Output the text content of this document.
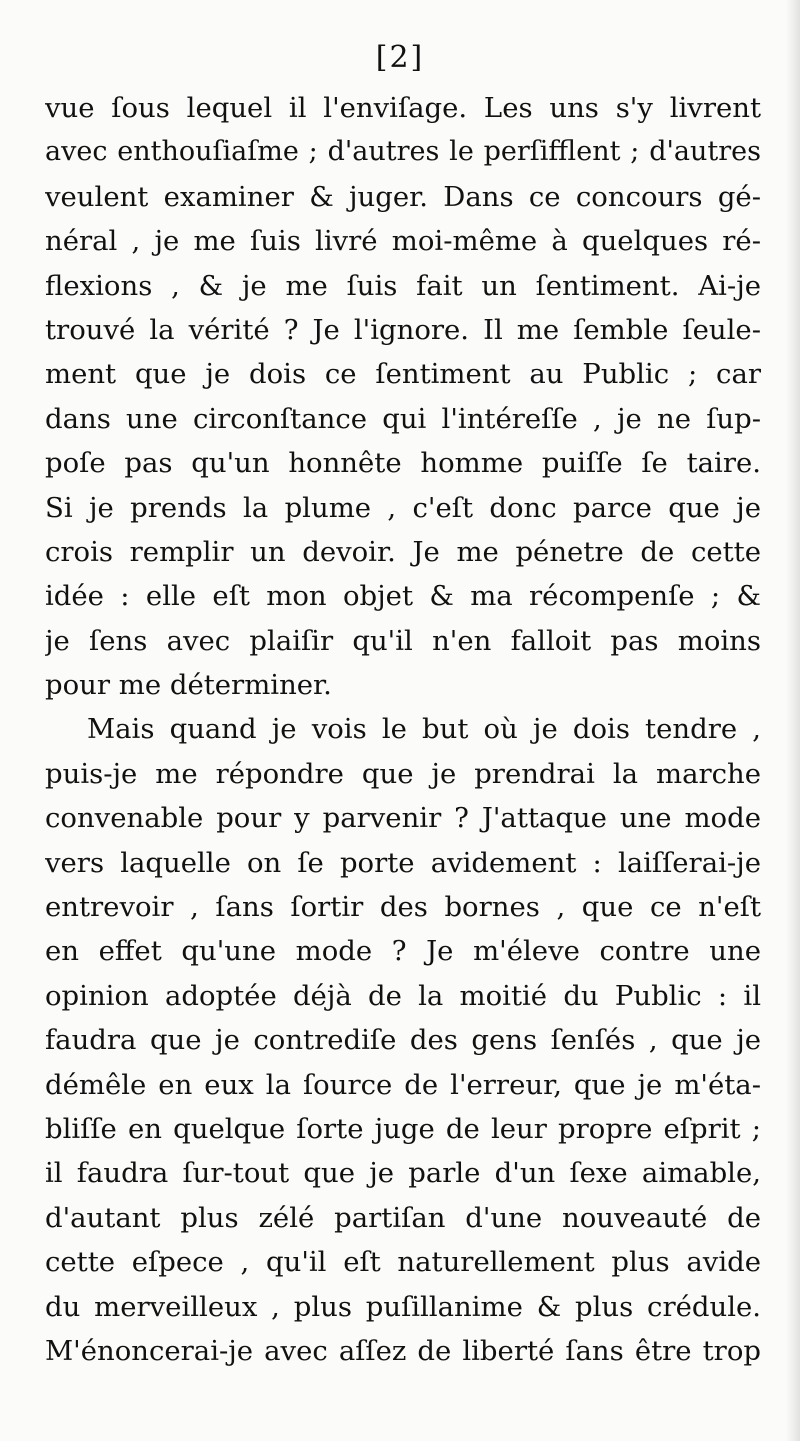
[2]
vue ſous lequel il l'enviſage. Les uns s'y livrent
avec enthouſiaſme ; d'autres le perſifflent ; d'autres
veulent examiner & juger. Dans ce concours gé-
néral , je me ſuis livré moi-même à quelques ré-
flexions , & je me ſuis fait un ſentiment. Ai-je
trouvé la vérité ? Je l'ignore. Il me ſemble ſeule-
ment que je dois ce ſentiment au Public ; car
dans une circonſtance qui l'intéreſſe , je ne ſup-
poſe pas qu'un honnête homme puiſſe ſe taire.
Si je prends la plume , c'eſt donc parce que je
crois remplir un devoir. Je me pénetre de cette
idée : elle eſt mon objet & ma récompenſe ; &
je ſens avec plaiſir qu'il n'en falloit pas moins
pour me déterminer.
Mais quand je vois le but où je dois tendre ,
puis-je me répondre que je prendrai la marche
convenable pour y parvenir ? J'attaque une mode
vers laquelle on ſe porte avidement : laiſſerai-je
entrevoir , ſans ſortir des bornes , que ce n'eſt
en effet qu'une mode ? Je m'éleve contre une
opinion adoptée déjà de la moitié du Public : il
faudra que je contrediſe des gens ſenſés , que je
démêle en eux la ſource de l'erreur, que je m'éta-
bliſſe en quelque ſorte juge de leur propre eſprit ;
il faudra ſur-tout que je parle d'un ſexe aimable,
d'autant plus zélé partiſan d'une nouveauté de
cette eſpece , qu'il eſt naturellement plus avide
du merveilleux , plus puſillanime & plus crédule.
M'énoncerai-je avec aſſez de liberté ſans être trop
